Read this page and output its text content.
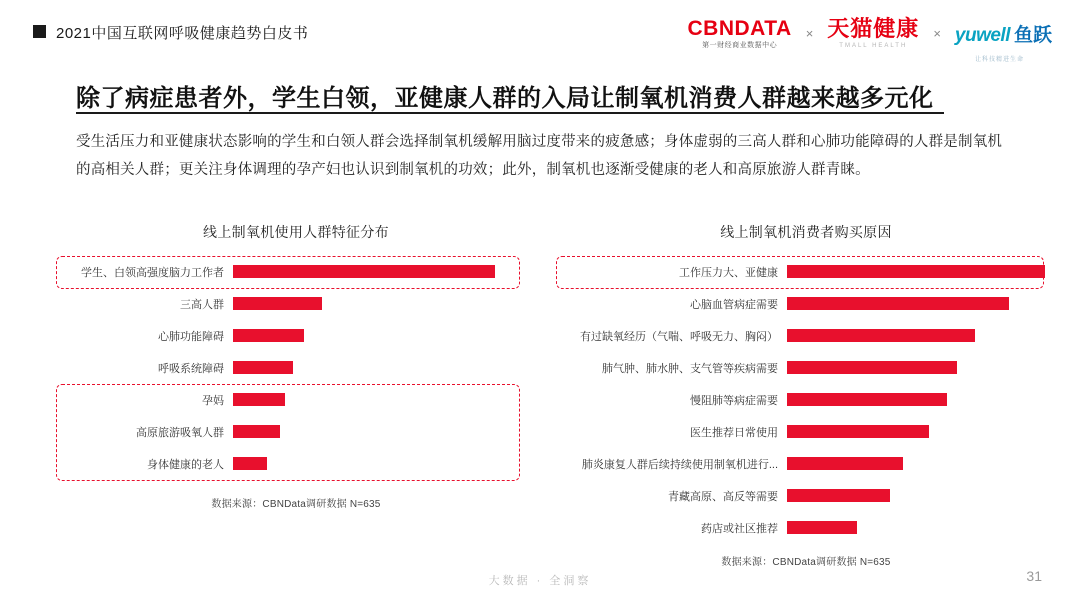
2021中国互联网呼吸健康趋势白皮书	CBNDATA
第一财经商业数据中心
× 天猫健康
TMALL HEALTH
× yuwell 鱼跃
让科技精进生命
除了病症患者外，学生白领，亚健康人群的入局让制氧机消费人群越来越多元化
受生活压力和亚健康状态影响的学生和白领人群会选择制氧机缓解用脑过度带来的疲惫感；身体虚弱的三高人群和心肺功能障碍的人群是制氧机的高相关人群；更关注身体调理的孕产妇也认识到制氧机的功效；此外，制氧机也逐渐受健康的老人和高原旅游人群青睐。
线上制氧机使用人群特征分布
学生、白领高强度脑力工作者
三高人群
心肺功能障碍
呼吸系统障碍
孕妈
高原旅游吸氧人群
身体健康的老人
数据来源：CBNData调研数据 N=635
线上制氧机消费者购买原因
工作压力大、亚健康
心脑血管病症需要
有过缺氧经历（气喘、呼吸无力、胸闷）
肺气肿、肺水肿、支气管等疾病需要
慢阻肺等病症需要
医生推荐日常使用
肺炎康复人群后续持续使用制氧机进行...
青藏高原、高反等需要
药店或社区推荐
数据来源：CBNData调研数据 N=635
大数据 · 全洞察	31
